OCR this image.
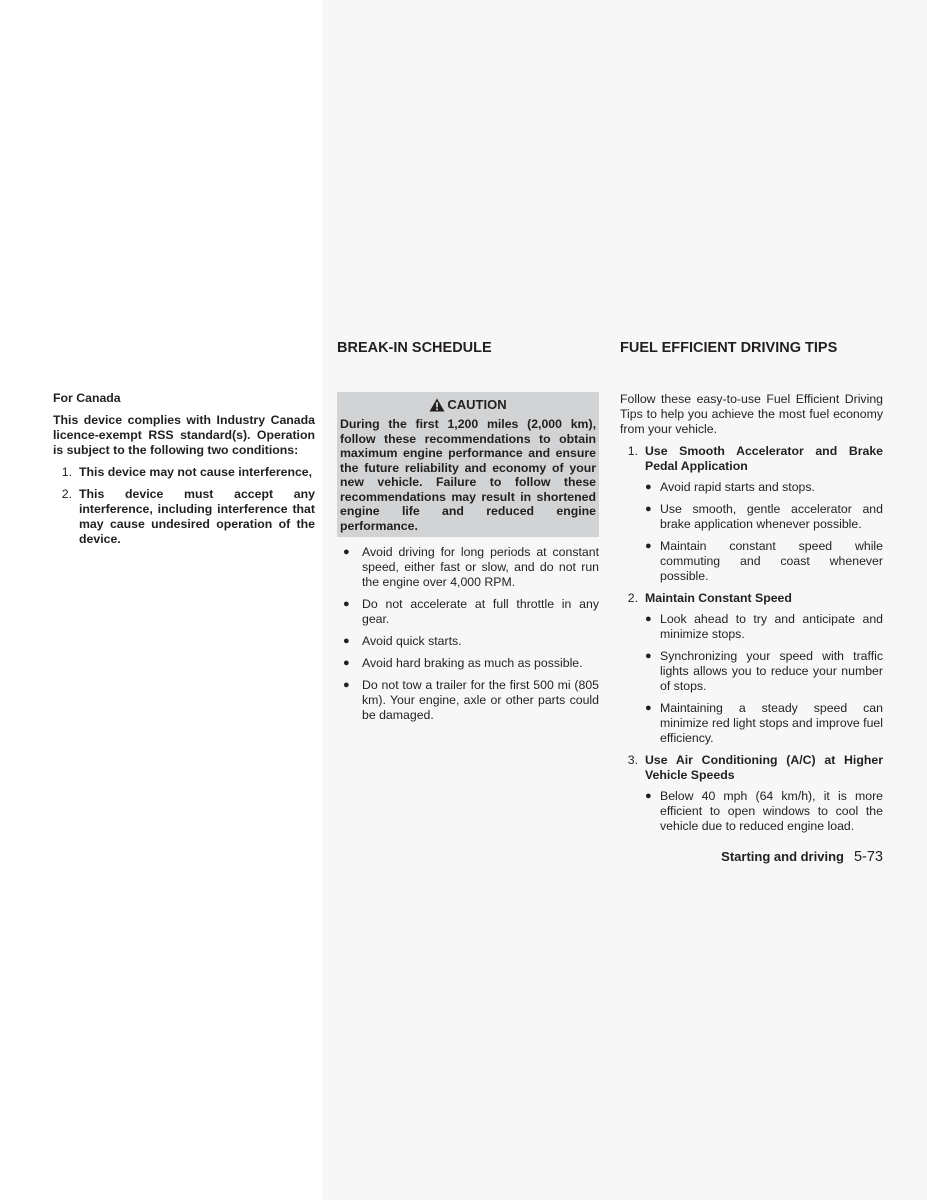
For Canada

This device complies with Industry Canada licence-exempt RSS standard(s). Operation is subject to the following two conditions:

1. This device may not cause interference,
2. This device must accept any interference, including interference that may cause undesired operation of the device.
BREAK-IN SCHEDULE
CAUTION
During the first 1,200 miles (2,000 km), follow these recommendations to obtain maximum engine performance and ensure the future reliability and economy of your new vehicle. Failure to follow these recommendations may result in shortened engine life and reduced engine performance.
●	Avoid driving for long periods at constant speed, either fast or slow, and do not run the engine over 4,000 RPM.
●	Do not accelerate at full throttle in any gear.
●	Avoid quick starts.
●	Avoid hard braking as much as possible.
●	Do not tow a trailer for the first 500 mi (805 km). Your engine, axle or other parts could be damaged.
FUEL EFFICIENT DRIVING TIPS

Follow these easy-to-use Fuel Efficient Driving Tips to help you achieve the most fuel economy from your vehicle.

1. Use Smooth Accelerator and Brake Pedal Application
● Avoid rapid starts and stops.
● Use smooth, gentle accelerator and brake application whenever possible.
● Maintain constant speed while commuting and coast whenever possible.
2. Maintain Constant Speed
● Look ahead to try and anticipate and minimize stops.
● Synchronizing your speed with traffic lights allows you to reduce your number of stops.
● Maintaining a steady speed can minimize red light stops and improve fuel efficiency.
3. Use Air Conditioning (A/C) at Higher Vehicle Speeds
● Below 40 mph (64 km/h), it is more efficient to open windows to cool the vehicle due to reduced engine load.
Starting and driving 5-73
